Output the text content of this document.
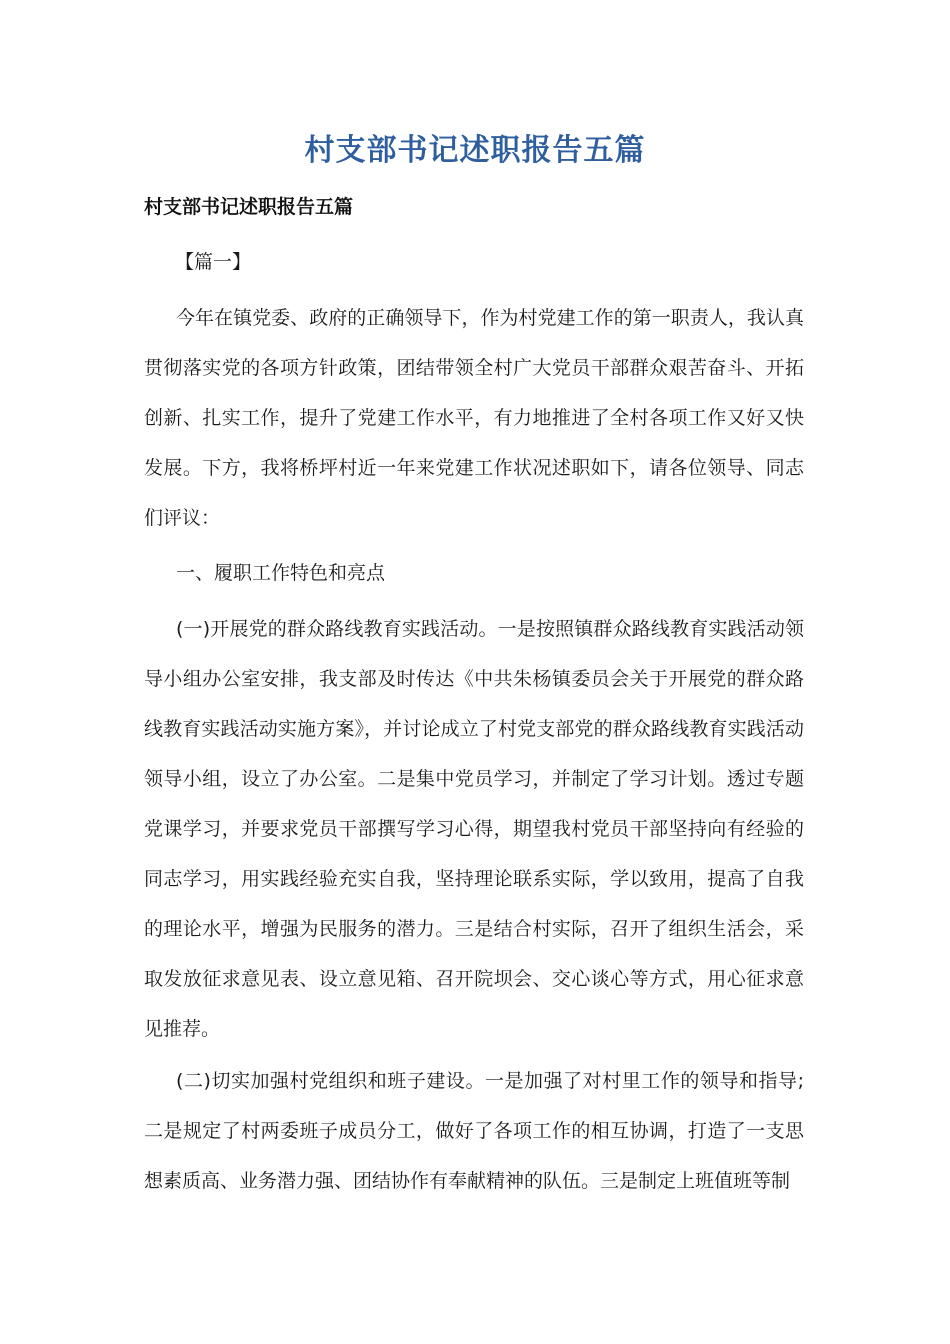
村支部书记述职报告五篇
村支部书记述职报告五篇
【篇一】
今年在镇党委、政府的正确领导下，作为村党建工作的第一职责人，我认真贯彻落实党的各项方针政策，团结带领全村广大党员干部群众艰苦奋斗、开拓创新、扎实工作，提升了党建工作水平，有力地推进了全村各项工作又好又快发展。下方，我将桥坪村近一年来党建工作状况述职如下，请各位领导、同志们评议：
一、履职工作特色和亮点
(一)开展党的群众路线教育实践活动。一是按照镇群众路线教育实践活动领导小组办公室安排，我支部及时传达《中共朱杨镇委员会关于开展党的群众路线教育实践活动实施方案》，并讨论成立了村党支部党的群众路线教育实践活动领导小组，设立了办公室。二是集中党员学习，并制定了学习计划。透过专题党课学习，并要求党员干部撰写学习心得，期望我村党员干部坚持向有经验的同志学习，用实践经验充实自我，坚持理论联系实际，学以致用，提高了自我的理论水平，增强为民服务的潜力。三是结合村实际，召开了组织生活会，采取发放征求意见表、设立意见箱、召开院坝会、交心谈心等方式，用心征求意见推荐。
(二)切实加强村党组织和班子建设。一是加强了对村里工作的领导和指导;二是规定了村两委班子成员分工，做好了各项工作的相互协调，打造了一支思想素质高、业务潜力强、团结协作有奉献精神的队伍。三是制定上班值班等制
